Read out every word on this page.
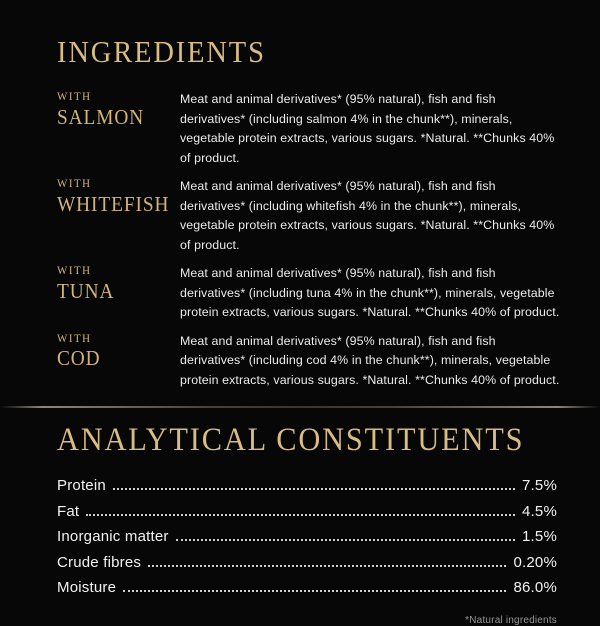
INGREDIENTS
WITH
SALMON

Meat and animal derivatives* (95% natural), fish and fish derivatives* (including salmon 4% in the chunk**), minerals, vegetable protein extracts, various sugars. *Natural. **Chunks 40% of product.

WITH
WHITEFISH

Meat and animal derivatives* (95% natural), fish and fish derivatives* (including whitefish 4% in the chunk**), minerals, vegetable protein extracts, various sugars. *Natural. **Chunks 40% of product.

WITH
TUNA

Meat and animal derivatives* (95% natural), fish and fish derivatives* (including tuna 4% in the chunk**), minerals, vegetable protein extracts, various sugars. *Natural. **Chunks 40% of product.

WITH
COD

Meat and animal derivatives* (95% natural), fish and fish derivatives* (including cod 4% in the chunk**), minerals, vegetable protein extracts, various sugars. *Natural. **Chunks 40% of product.

ANALYTICAL CONSTITUENTS
Protein	7.5%
Fat	4.5%
Inorganic matter	1.5%
Crude fibres	0.20%
Moisture	86.0%
*Natural ingredients
